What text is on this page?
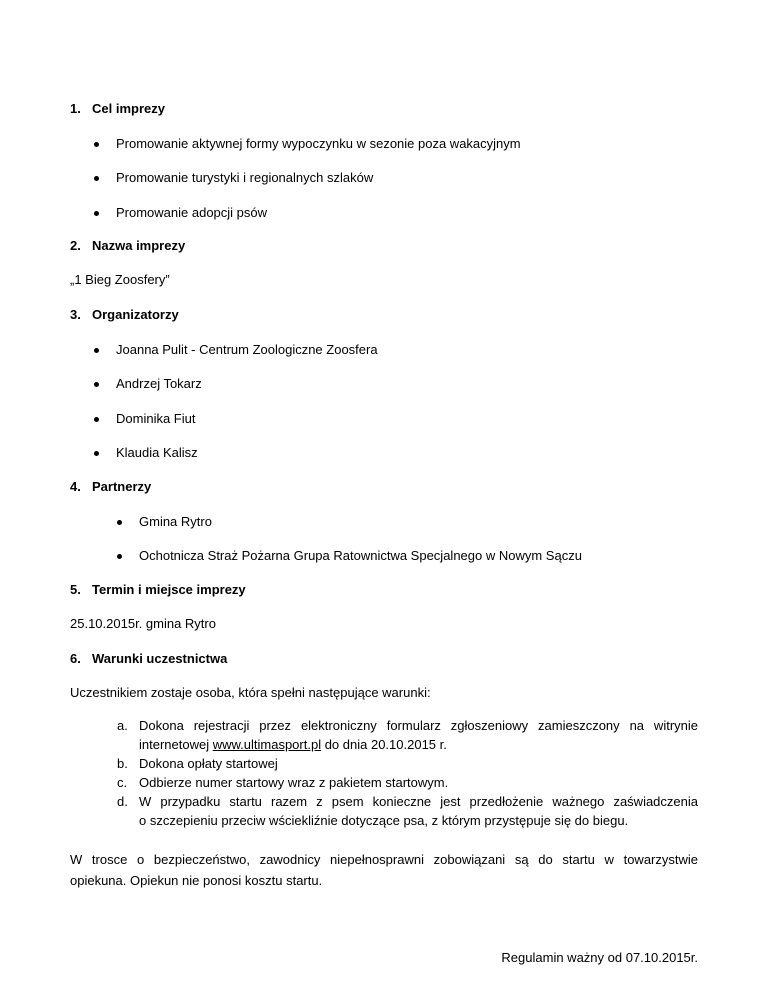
1. Cel imprezy
Promowanie aktywnej formy wypoczynku w sezonie poza wakacyjnym
Promowanie turystyki i regionalnych szlaków
Promowanie adopcji psów
2. Nazwa imprezy
„1 Bieg Zoosfery”
3. Organizatorzy
Joanna Pulit - Centrum Zoologiczne Zoosfera
Andrzej Tokarz
Dominika Fiut
Klaudia Kalisz
4. Partnerzy
Gmina Rytro
Ochotnicza Straż Pożarna Grupa Ratownictwa Specjalnego w Nowym Sączu
5. Termin i miejsce imprezy
25.10.2015r. gmina Rytro
6. Warunki uczestnictwa
Uczestnikiem zostaje osoba, która spełni następujące warunki:
a. Dokona rejestracji przez elektroniczny formularz zgłoszeniowy zamieszczony na witrynie
internetowej www.ultimasport.pl do dnia 20.10.2015 r.
b. Dokona opłaty startowej
c. Odbierze numer startowy wraz z pakietem startowym.
d. W przypadku startu razem z psem konieczne jest przedłożenie ważnego zaświadczenia
o szczepieniu przeciw wściekliźnie dotyczące psa, z którym przystępuje się do biegu.
W trosce o bezpieczeństwo, zawodnicy niepełnosprawni zobowiązani są do startu w towarzystwie
opiekuna. Opiekun nie ponosi kosztu startu.
Regulamin ważny od 07.10.2015r.
